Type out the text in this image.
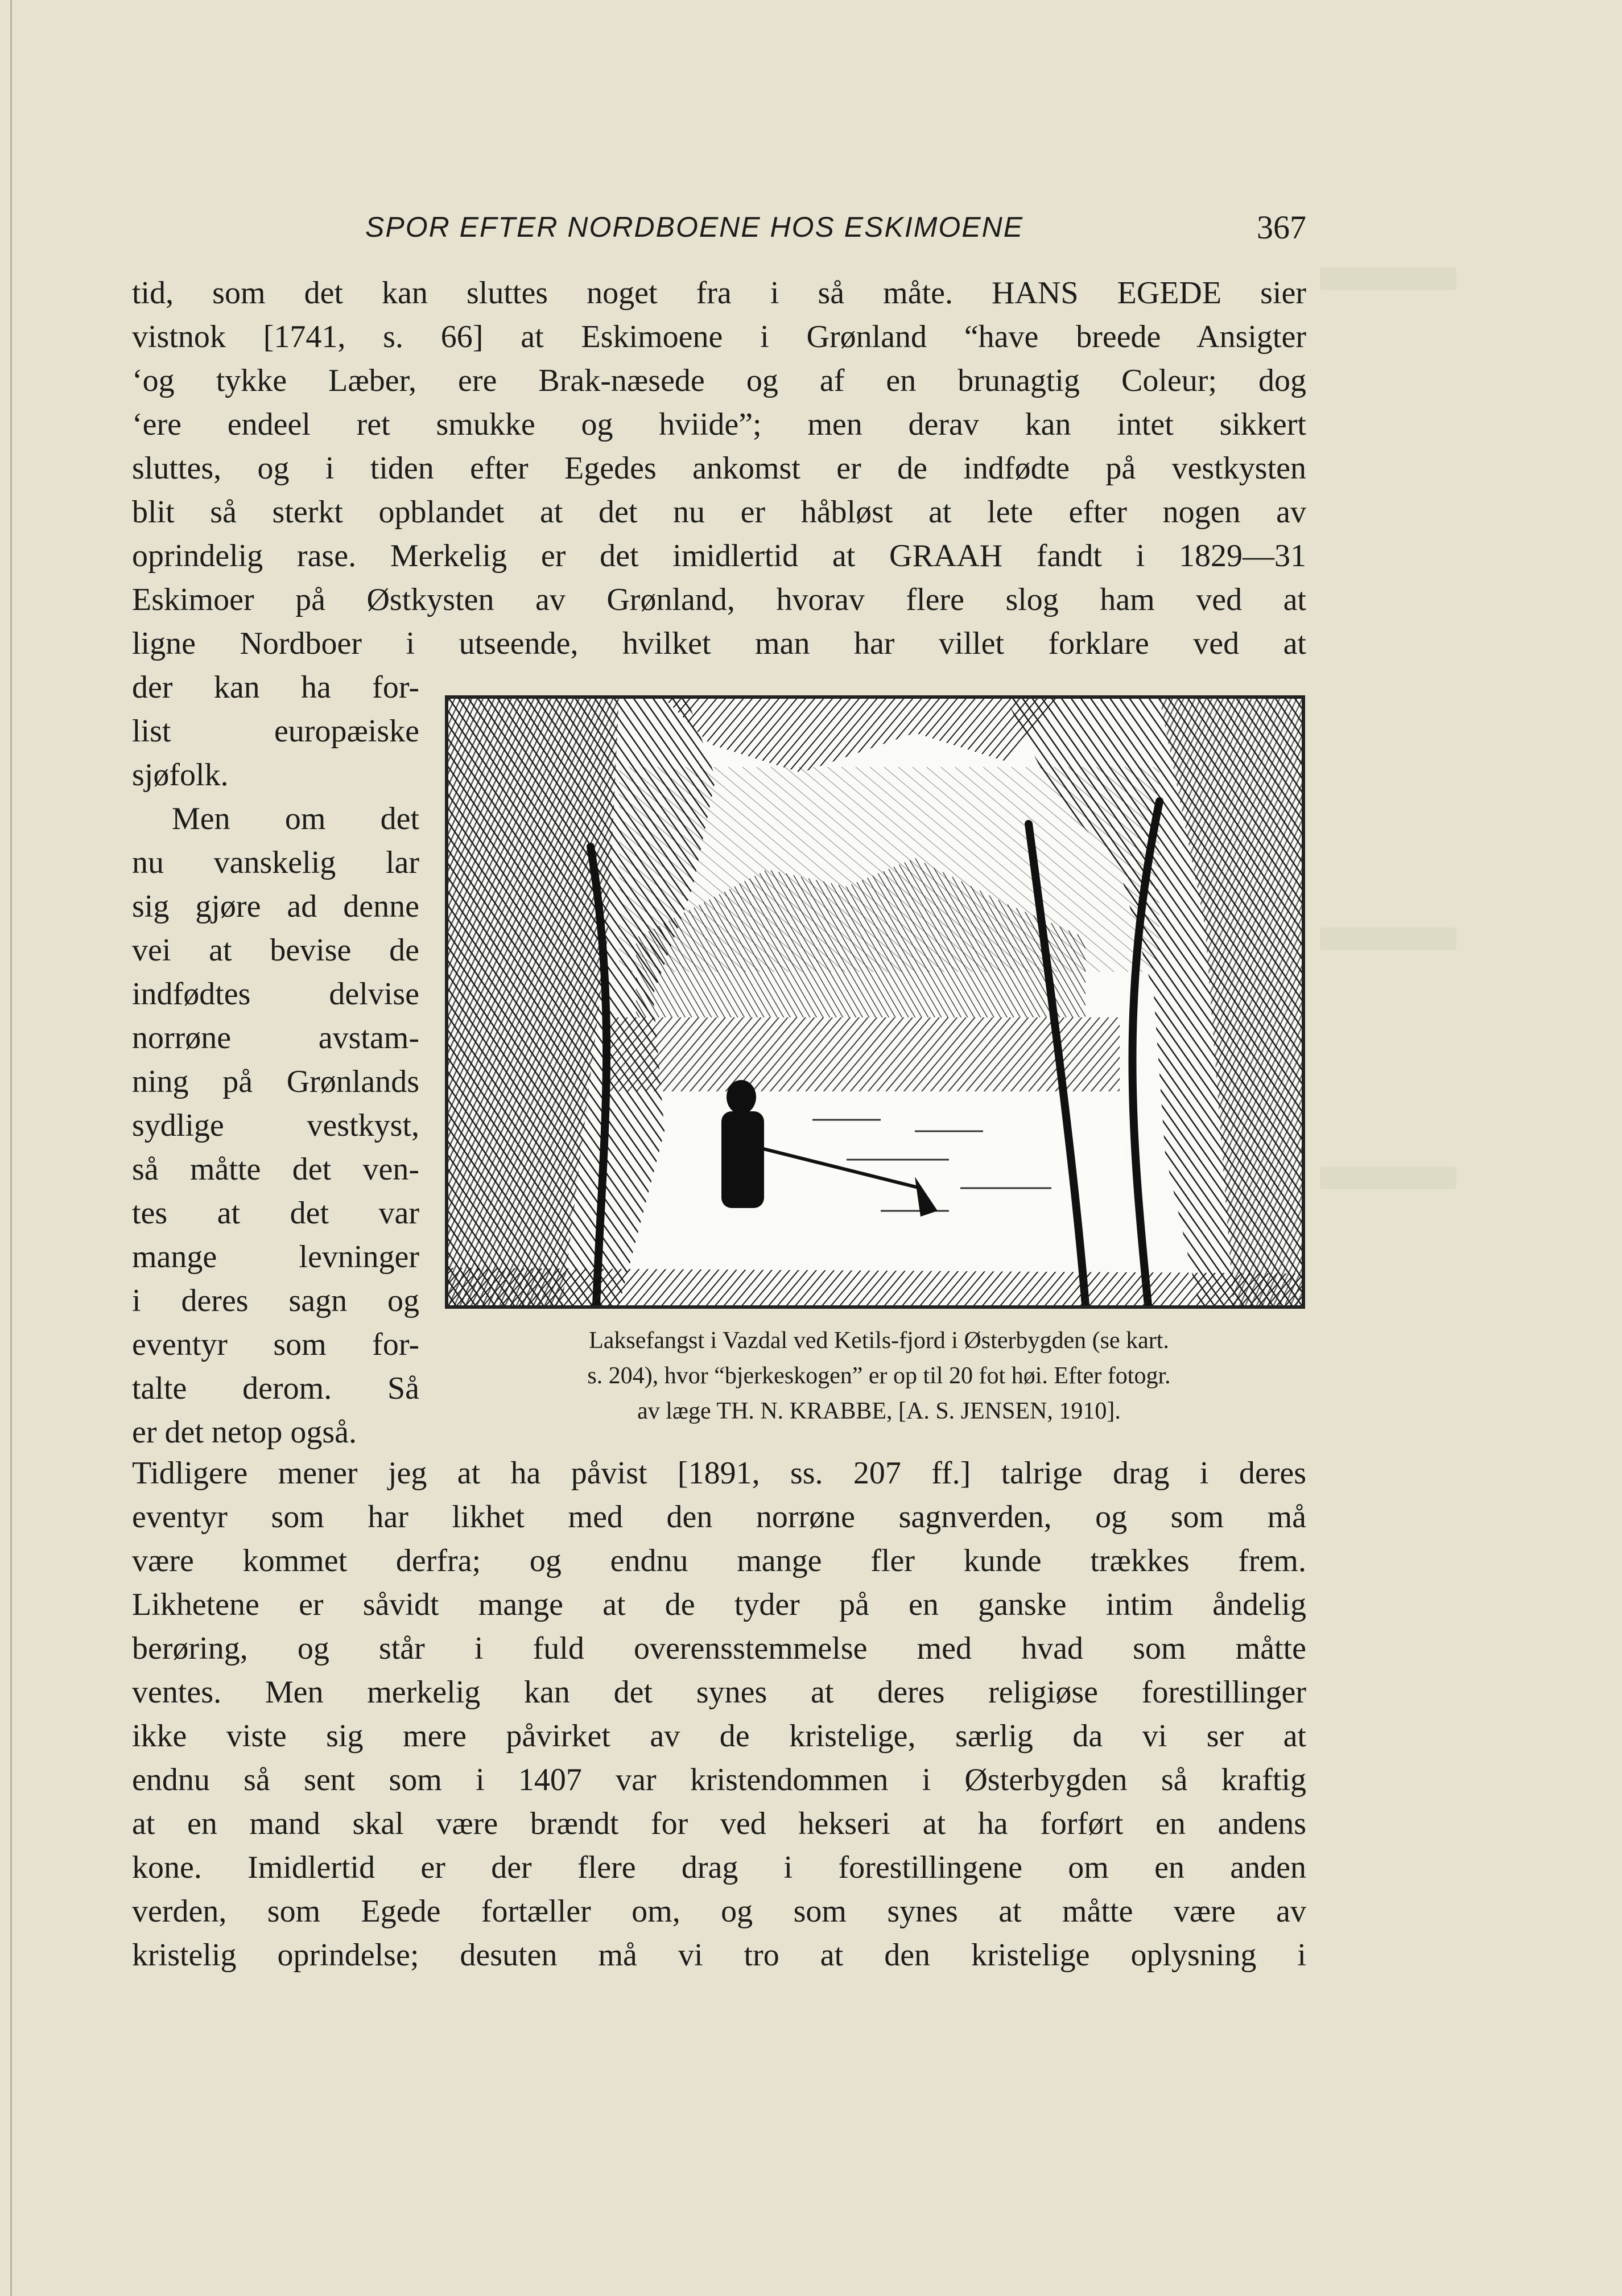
SPOR EFTER NORDBOENE HOS ESKIMOENE	367
tid, som det kan sluttes noget fra i så måte. HANS EGEDE sier
vistnok [1741, s. 66] at Eskimoene i Grønland “have breede Ansigter
‘og tykke Læber, ere Brak-næsede og af en brunagtig Coleur; dog
‘ere endeel ret smukke og hviide”; men derav kan intet sikkert
sluttes, og i tiden efter Egedes ankomst er de indfødte på vestkysten
blit så sterkt opblandet at det nu er håbløst at lete efter nogen av
oprindelig rase. Merkelig er det imidlertid at GRAAH fandt i 1829—31
Eskimoer på Østkysten av Grønland, hvorav flere slog ham ved at
ligne Nordboer i utseende, hvilket man har villet forklare ved at
der kan ha for-
list europæiske
sjøfolk.
Men om det
nu vanskelig lar
sig gjøre ad denne
vei at bevise de
indfødtes delvise
norrøne avstam-
ning på Grønlands
sydlige vestkyst,
så måtte det ven-
tes at det var
mange levninger
i deres sagn og
eventyr som for-
talte derom. Så
er det netop også.
Laksefangst i Vazdal ved Ketils-fjord i Østerbygden (se kart.
s. 204), hvor “bjerkeskogen” er op til 20 fot høi. Efter fotogr.
av læge TH. N. KRABBE, [A. S. JENSEN, 1910].
Tidligere mener jeg at ha påvist [1891, ss. 207 ff.] talrige drag i deres
eventyr som har likhet med den norrøne sagnverden, og som må
være kommet derfra; og endnu mange fler kunde trækkes frem.
Likhetene er såvidt mange at de tyder på en ganske intim åndelig
berøring, og står i fuld overensstemmelse med hvad som måtte
ventes. Men merkelig kan det synes at deres religiøse forestillinger
ikke viste sig mere påvirket av de kristelige, særlig da vi ser at
endnu så sent som i 1407 var kristendommen i Østerbygden så kraftig
at en mand skal være brændt for ved hekseri at ha forført en andens
kone. Imidlertid er der flere drag i forestillingene om en anden
verden, som Egede fortæller om, og som synes at måtte være av
kristelig oprindelse; desuten må vi tro at den kristelige oplysning i
